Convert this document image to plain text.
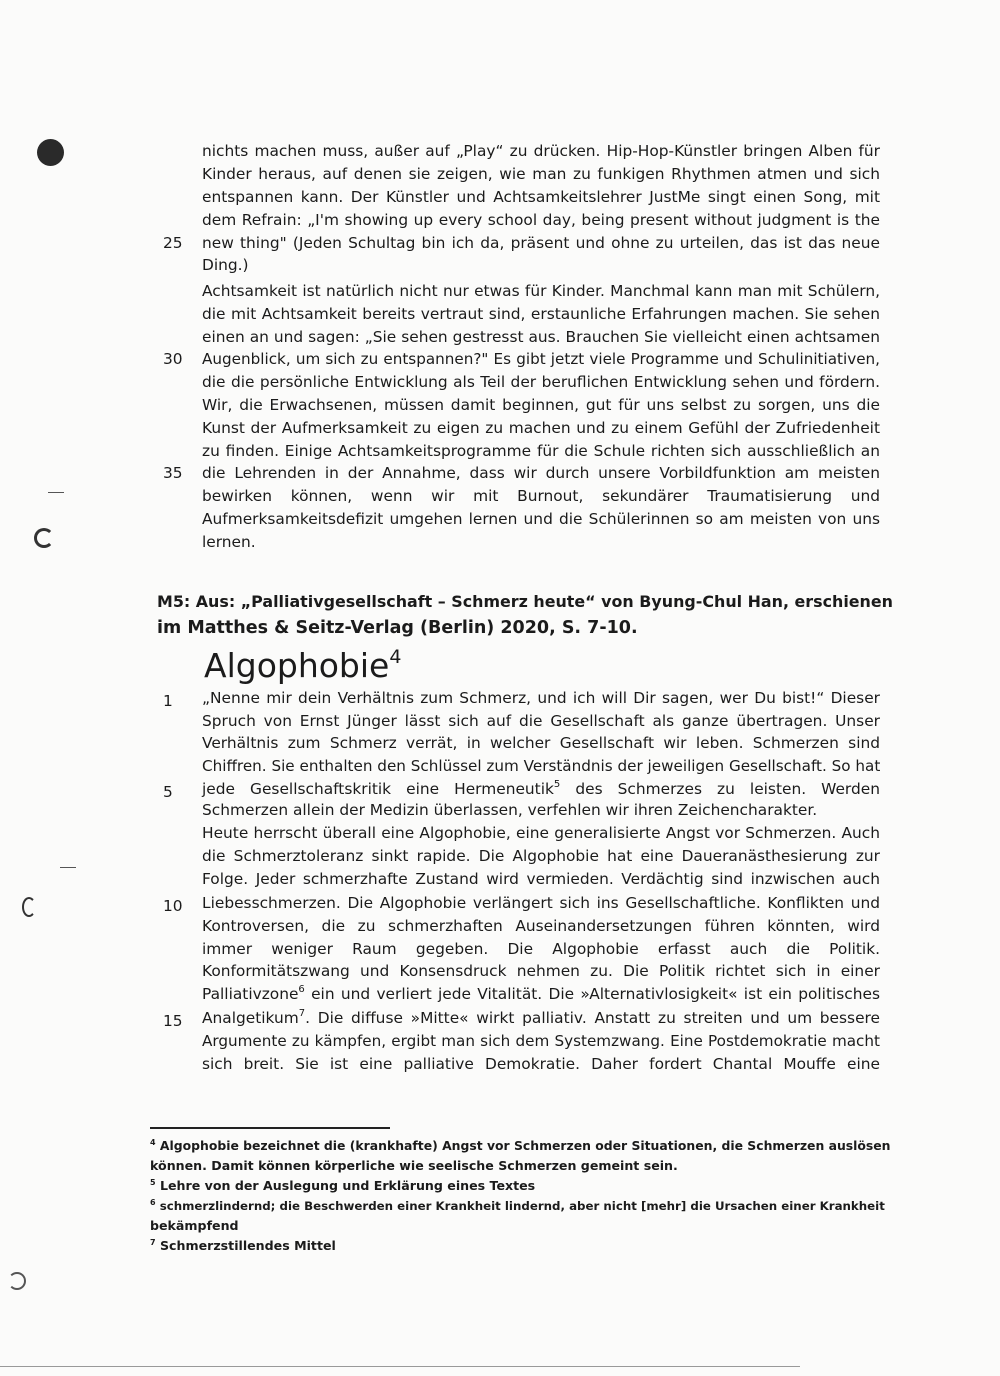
nichts machen muss, außer auf „Play“ zu drücken. Hip-Hop-Künstler bringen Alben für
Kinder heraus, auf denen sie zeigen, wie man zu funkigen Rhythmen atmen und sich
entspannen kann. Der Künstler und Achtsamkeitslehrer JustMe singt einen Song, mit
dem Refrain: „I'm showing up every school day, being present without judgment is the
25	new thing" (Jeden Schultag bin ich da, präsent und ohne zu urteilen, das ist das neue
Ding.)
Achtsamkeit ist natürlich nicht nur etwas für Kinder. Manchmal kann man mit Schülern,
die mit Achtsamkeit bereits vertraut sind, erstaunliche Erfahrungen machen. Sie sehen
einen an und sagen: „Sie sehen gestresst aus. Brauchen Sie vielleicht einen achtsamen
30	Augenblick, um sich zu entspannen?" Es gibt jetzt viele Programme und Schulinitiativen,
die die persönliche Entwicklung als Teil der beruflichen Entwicklung sehen und fördern.
Wir, die Erwachsenen, müssen damit beginnen, gut für uns selbst zu sorgen, uns die
Kunst der Aufmerksamkeit zu eigen zu machen und zu einem Gefühl der Zufriedenheit
zu finden. Einige Achtsamkeitsprogramme für die Schule richten sich ausschließlich an
35	die Lehrenden in der Annahme, dass wir durch unsere Vorbildfunktion am meisten
bewirken können, wenn wir mit Burnout, sekundärer Traumatisierung und
Aufmerksamkeitsdefizit umgehen lernen und die Schülerinnen so am meisten von uns
lernen.
M5: Aus: „Palliativgesellschaft – Schmerz heute“ von Byung-Chul Han, erschienen
im Matthes & Seitz-Verlag (Berlin) 2020, S. 7-10.
Algophobie$^4$
1	„Nenne mir dein Verhältnis zum Schmerz, und ich will Dir sagen, wer Du bist!“ Dieser
Spruch von Ernst Jünger lässt sich auf die Gesellschaft als ganze übertragen. Unser
Verhältnis zum Schmerz verrät, in welcher Gesellschaft wir leben. Schmerzen sind
Chiffren. Sie enthalten den Schlüssel zum Verständnis der jeweiligen Gesellschaft. So hat
5	jede Gesellschaftskritik eine Hermeneutik$^5$ des Schmerzes zu leisten. Werden
Schmerzen allein der Medizin überlassen, verfehlen wir ihren Zeichencharakter.
Heute herrscht überall eine Algophobie, eine generalisierte Angst vor Schmerzen. Auch
die Schmerztoleranz sinkt rapide. Die Algophobie hat eine Daueranästhesierung zur
Folge. Jeder schmerzhafte Zustand wird vermieden. Verdächtig sind inzwischen auch
10	Liebesschmerzen. Die Algophobie verlängert sich ins Gesellschaftliche. Konflikten und
Kontroversen, die zu schmerzhaften Auseinandersetzungen führen könnten, wird
immer weniger Raum gegeben. Die Algophobie erfasst auch die Politik.
Konformitätszwang und Konsensdruck nehmen zu. Die Politik richtet sich in einer
Palliativzone$^6$ ein und verliert jede Vitalität. Die »Alternativlosigkeit« ist ein politisches
15	Analgetikum$^7$. Die diffuse »Mitte« wirkt palliativ. Anstatt zu streiten und um bessere
Argumente zu kämpfen, ergibt man sich dem Systemzwang. Eine Postdemokratie macht
sich breit. Sie ist eine palliative Demokratie. Daher fordert Chantal Mouffe eine
$^4$ Algophobie bezeichnet die (krankhafte) Angst vor Schmerzen oder Situationen, die Schmerzen auslösen
können. Damit können körperliche wie seelische Schmerzen gemeint sein.
$^5$ Lehre von der Auslegung und Erklärung eines Textes
$^6$ schmerzlindernd; die Beschwerden einer Krankheit lindernd, aber nicht [mehr] die Ursachen einer Krankheit
bekämpfend
$^7$ Schmerzstillendes Mittel
